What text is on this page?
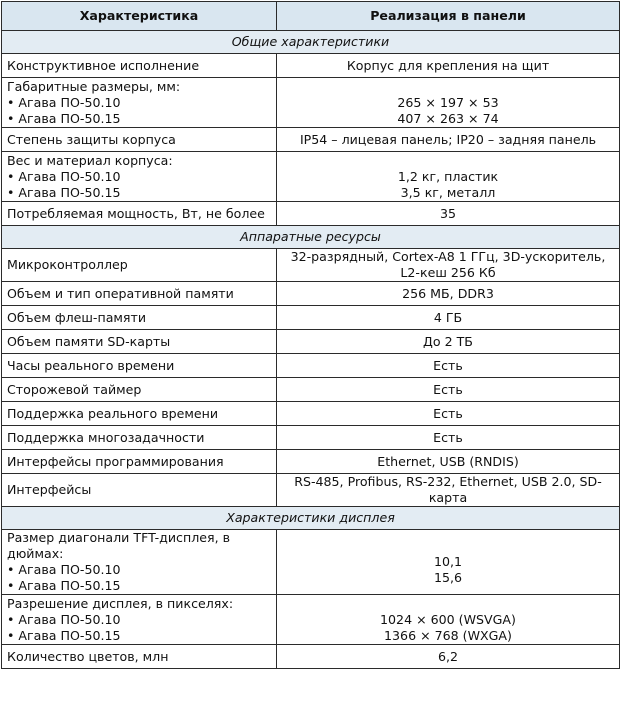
Характеристика	Реализация в панели
Общие характеристики	

Конструктивное исполнение	Корпус для крепления на щит

Габаритные размеры, мм:
• Агава ПО-50.10
• Агава ПО-50.15	265 × 197 × 53
407 × 263 × 74

Степень защиты корпуса	IP54 – лицевая панель; IP20 – задняя панель

Вес и материал корпуса:
• Агава ПО-50.10
• Агава ПО-50.15	1,2 кг, пластик
3,5 кг, металл

Потребляемая мощность, Вт, не более	35

Аппаратные ресурсы	

Микроконтроллер	32-разрядный, Cortex-A8 1 ГГц, 3D-ускоритель,
L2-кеш 256 Кб

Объем и тип оперативной памяти	256 МБ, DDR3

Объем флеш-памяти	4 ГБ

Объем памяти SD-карты	До 2 ТБ

Часы реального времени	Есть

Сторожевой таймер	Есть

Поддержка реального времени	Есть

Поддержка многозадачности	Есть

Интерфейсы программирования	Ethernet, USB (RNDIS)

Интерфейсы	RS-485, Profibus, RS-232, Ethernet, USB 2.0, SD-карта

Характеристики дисплея	

Размер диагонали TFT-дисплея, в дюймах:
• Агава ПО-50.10
• Агава ПО-50.15	10,1
15,6

Разрешение дисплея, в пикселях:
• Агава ПО-50.10
• Агава ПО-50.15	1024 × 600 (WSVGA)
1366 × 768 (WXGA)

Количество цветов, млн	6,2
